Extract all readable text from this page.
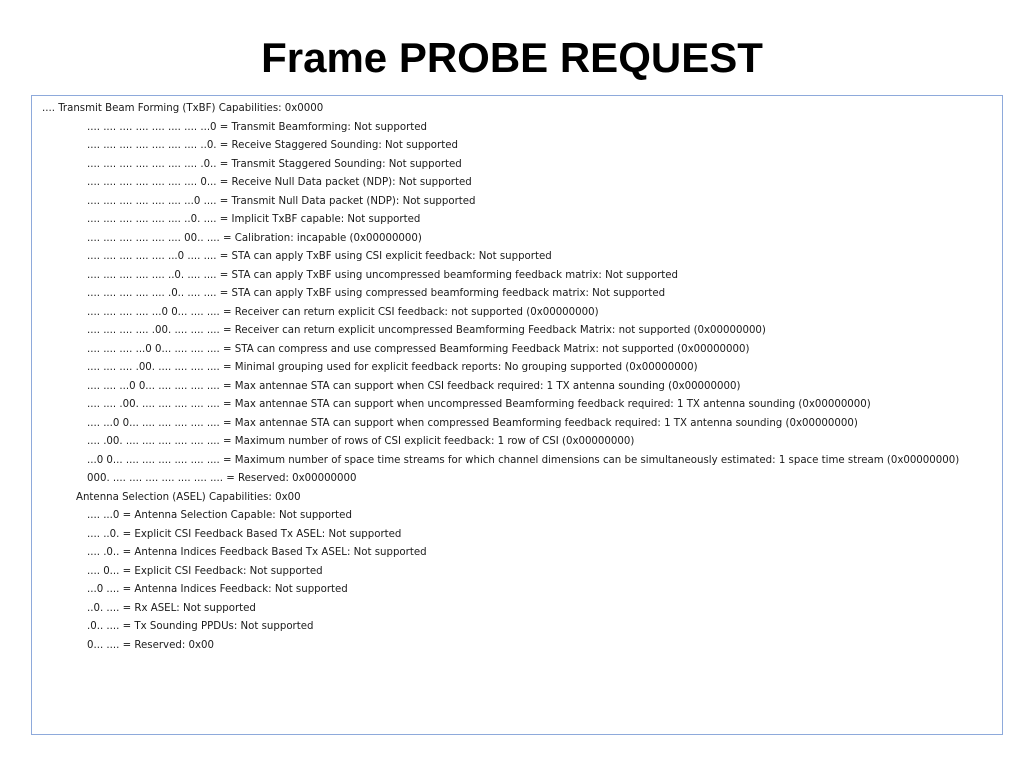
Frame PROBE REQUEST
.... Transmit Beam Forming (TxBF) Capabilities: 0x0000
.... .... .... .... .... .... .... ...0 = Transmit Beamforming: Not supported
.... .... .... .... .... .... .... ..0. = Receive Staggered Sounding: Not supported
.... .... .... .... .... .... .... .0.. = Transmit Staggered Sounding: Not supported
.... .... .... .... .... .... .... 0... = Receive Null Data packet (NDP): Not supported
.... .... .... .... .... .... ...0 .... = Transmit Null Data packet (NDP): Not supported
.... .... .... .... .... .... ..0. .... = Implicit TxBF capable: Not supported
.... .... .... .... .... .... 00.. .... = Calibration: incapable (0x00000000)
.... .... .... .... .... ...0 .... .... = STA can apply TxBF using CSI explicit feedback: Not supported
.... .... .... .... .... ..0. .... .... = STA can apply TxBF using uncompressed beamforming feedback matrix: Not supported
.... .... .... .... .... .0.. .... .... = STA can apply TxBF using compressed beamforming feedback matrix: Not supported
.... .... .... .... ...0 0... .... .... = Receiver can return explicit CSI feedback: not supported (0x00000000)
.... .... .... .... .00. .... .... .... = Receiver can return explicit uncompressed Beamforming Feedback Matrix: not supported (0x00000000)
.... .... .... ...0 0... .... .... .... = STA can compress and use compressed Beamforming Feedback Matrix: not supported (0x00000000)
.... .... .... .00. .... .... .... .... = Minimal grouping used for explicit feedback reports: No grouping supported (0x00000000)
.... .... ...0 0... .... .... .... .... = Max antennae STA can support when CSI feedback required: 1 TX antenna sounding (0x00000000)
.... .... .00. .... .... .... .... .... = Max antennae STA can support when uncompressed Beamforming feedback required: 1 TX antenna sounding (0x00000000)
.... ...0 0... .... .... .... .... .... = Max antennae STA can support when compressed Beamforming feedback required: 1 TX antenna sounding (0x00000000)
.... .00. .... .... .... .... .... .... = Maximum number of rows of CSI explicit feedback: 1 row of CSI (0x00000000)
...0 0... .... .... .... .... .... .... = Maximum number of space time streams for which channel dimensions can be simultaneously estimated: 1 space time stream (0x00000000)
000. .... .... .... .... .... .... .... = Reserved: 0x00000000
Antenna Selection (ASEL) Capabilities: 0x00
.... ...0 = Antenna Selection Capable: Not supported
.... ..0. = Explicit CSI Feedback Based Tx ASEL: Not supported
.... .0.. = Antenna Indices Feedback Based Tx ASEL: Not supported
.... 0... = Explicit CSI Feedback: Not supported
...0 .... = Antenna Indices Feedback: Not supported
..0. .... = Rx ASEL: Not supported
.0.. .... = Tx Sounding PPDUs: Not supported
0... .... = Reserved: 0x00
